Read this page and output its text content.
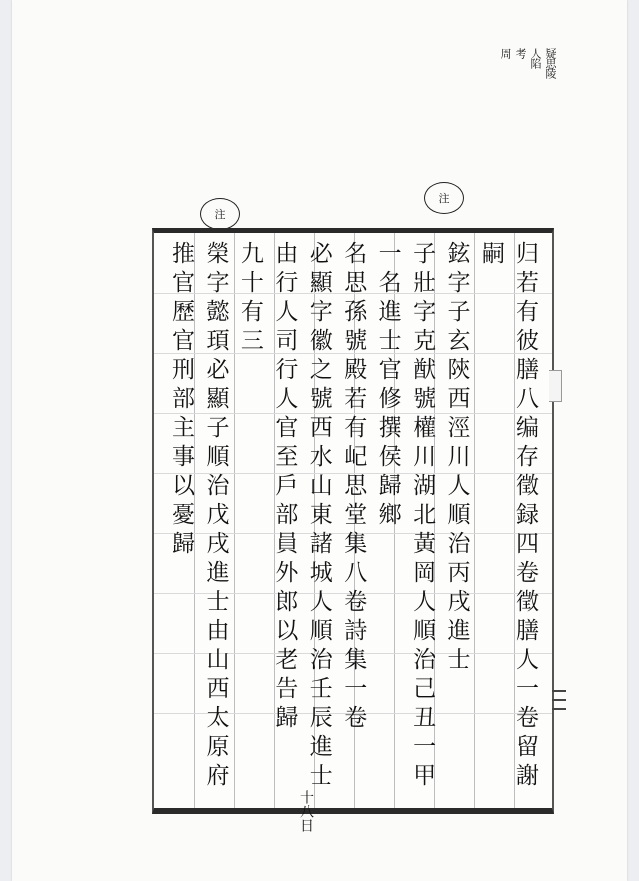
疑思陵
人陷
考
周
注
注
归若有彼膳八编存徵録四卷徵膳人一卷留謝嗣
鉉字子玄陝西涇川人順治丙戌進士
子壯字克猷號權川湖北黃岡人順治己丑一甲
一名進士官修撰侯歸鄉
名思孫號殿若有屺思堂集八卷詩集一卷
必顯字徽之號西水山東諸城人順治壬辰進士
由行人司行人官至戶部員外郎以老告歸
九十有三
榮字懿頊必顯子順治戊戌進士由山西太原府
推官歷官刑部主事以憂歸
十八日
